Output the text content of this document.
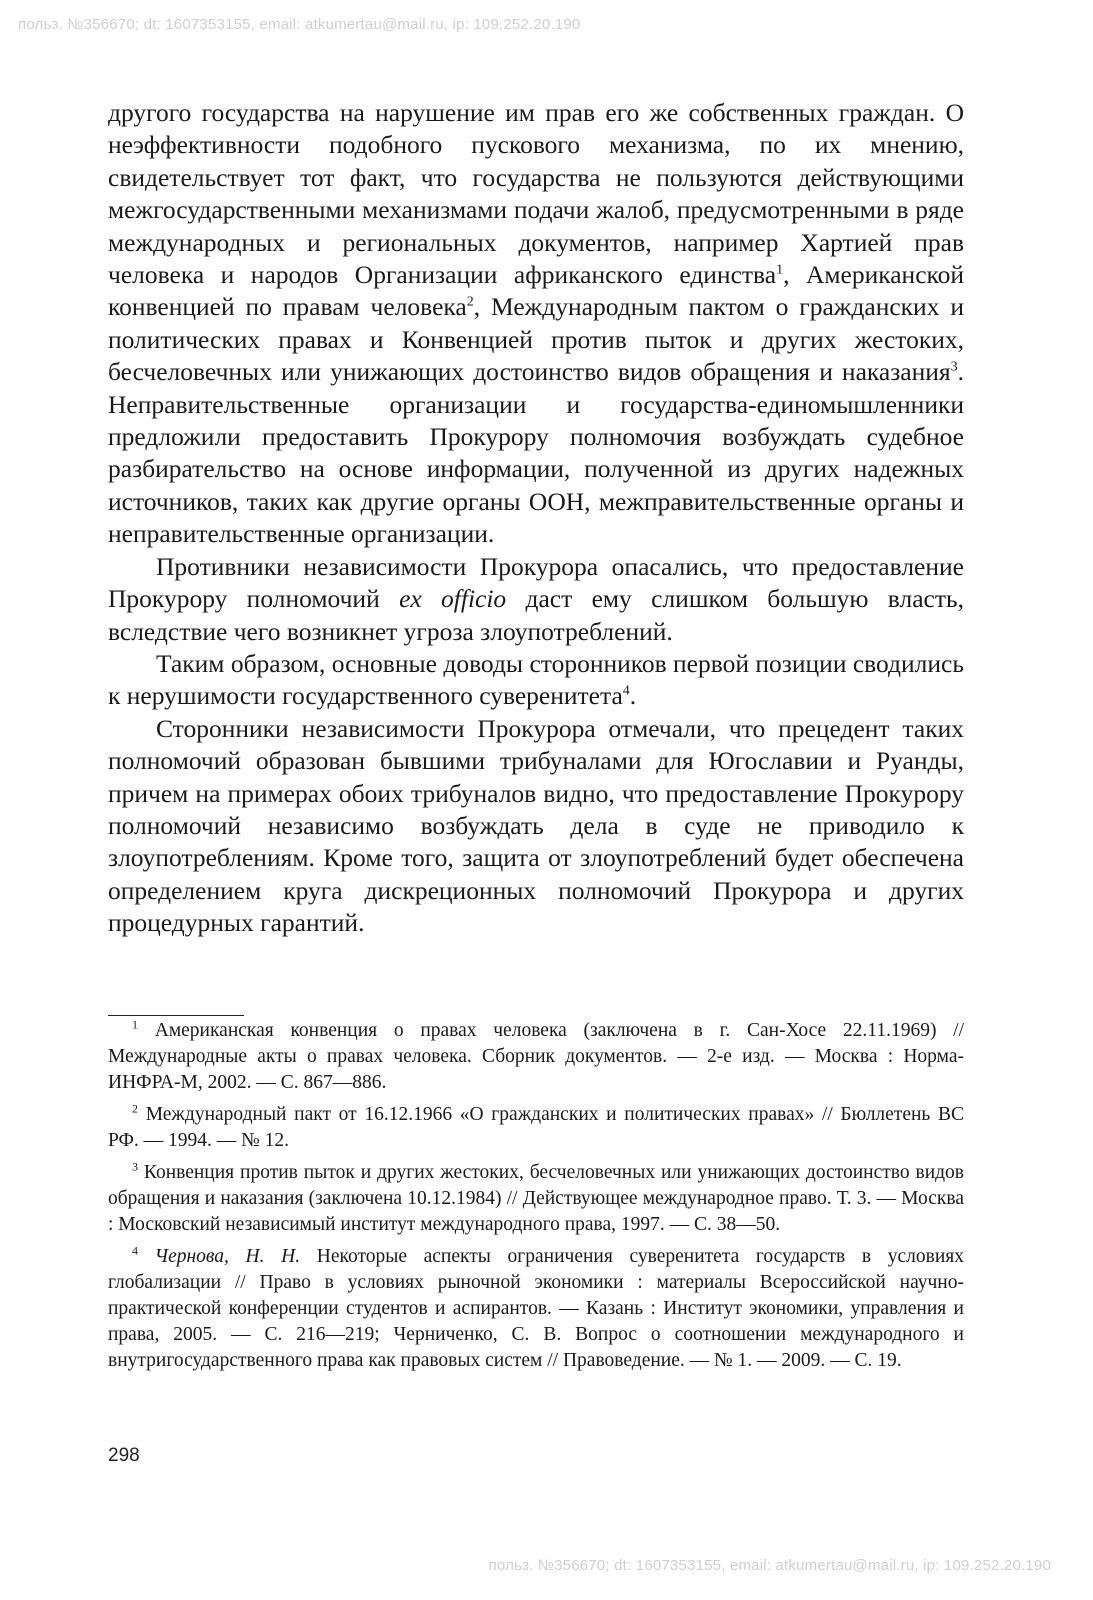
польз. №356670; dt: 1607353155, email: atkumertau@mail.ru, ip: 109.252.20.190

другого государства на нарушение им прав его же собственных граждан. О неэффективности подобного пускового механизма, по их мнению, свидетельствует тот факт, что государства не пользуются действующими межгосударственными механизмами подачи жалоб, предусмотренными в ряде международных и региональных документов, например Хартией прав человека и народов Организации африканского единства$^1$, Американской конвенцией по правам человека$^2$, Международным пактом о гражданских и политических правах и Конвенцией против пыток и других жестоких, бесчеловечных или унижающих достоинство видов обращения и наказания$^3$. Неправительственные организации и государства-единомышленники предложили предоставить Прокурору полномочия возбуждать судебное разбирательство на основе информации, полученной из других надежных источников, таких как другие органы ООН, межправительственные органы и неправительственные организации.

Противники независимости Прокурора опасались, что предоставление Прокурору полномочий ex officio даст ему слишком большую власть, вследствие чего возникнет угроза злоупотреблений.

Таким образом, основные доводы сторонников первой позиции сводились к нерушимости государственного суверенитета$^4$.

Сторонники независимости Прокурора отмечали, что прецедент таких полномочий образован бывшими трибуналами для Югославии и Руанды, причем на примерах обоих трибуналов видно, что предоставление Прокурору полномочий независимо возбуждать дела в суде не приводило к злоупотреблениям. Кроме того, защита от злоупотреблений будет обеспечена определением круга дискреционных полномочий Прокурора и других процедурных гарантий.

$^1$ Американская конвенция о правах человека (заключена в г. Сан-Хосе 22.11.1969) // Международные акты о правах человека. Сборник документов. — 2-е изд. — Москва : Норма-ИНФРА-М, 2002. — С. 867—886.

$^2$ Международный пакт от 16.12.1966 «О гражданских и политических правах» // Бюллетень ВС РФ. — 1994. — № 12.

$^3$ Конвенция против пыток и других жестоких, бесчеловечных или унижающих достоинство видов обращения и наказания (заключена 10.12.1984) // Действующее международное право. Т. 3. — Москва : Московский независимый институт международного права, 1997. — С. 38—50.

$^4$ Чернова, Н. Н. Некоторые аспекты ограничения суверенитета государств в условиях глобализации // Право в условиях рыночной экономики : материалы Всероссийской научно-практической конференции студентов и аспирантов. — Казань : Институт экономики, управления и права, 2005. — С. 216—219; Черниченко, С. В. Вопрос о соотношении международного и внутригосударственного права как правовых систем // Правоведение. — № 1. — 2009. — С. 19.

298
польз. №356670; dt: 1607353155, email: atkumertau@mail.ru, ip: 109.252.20.190
